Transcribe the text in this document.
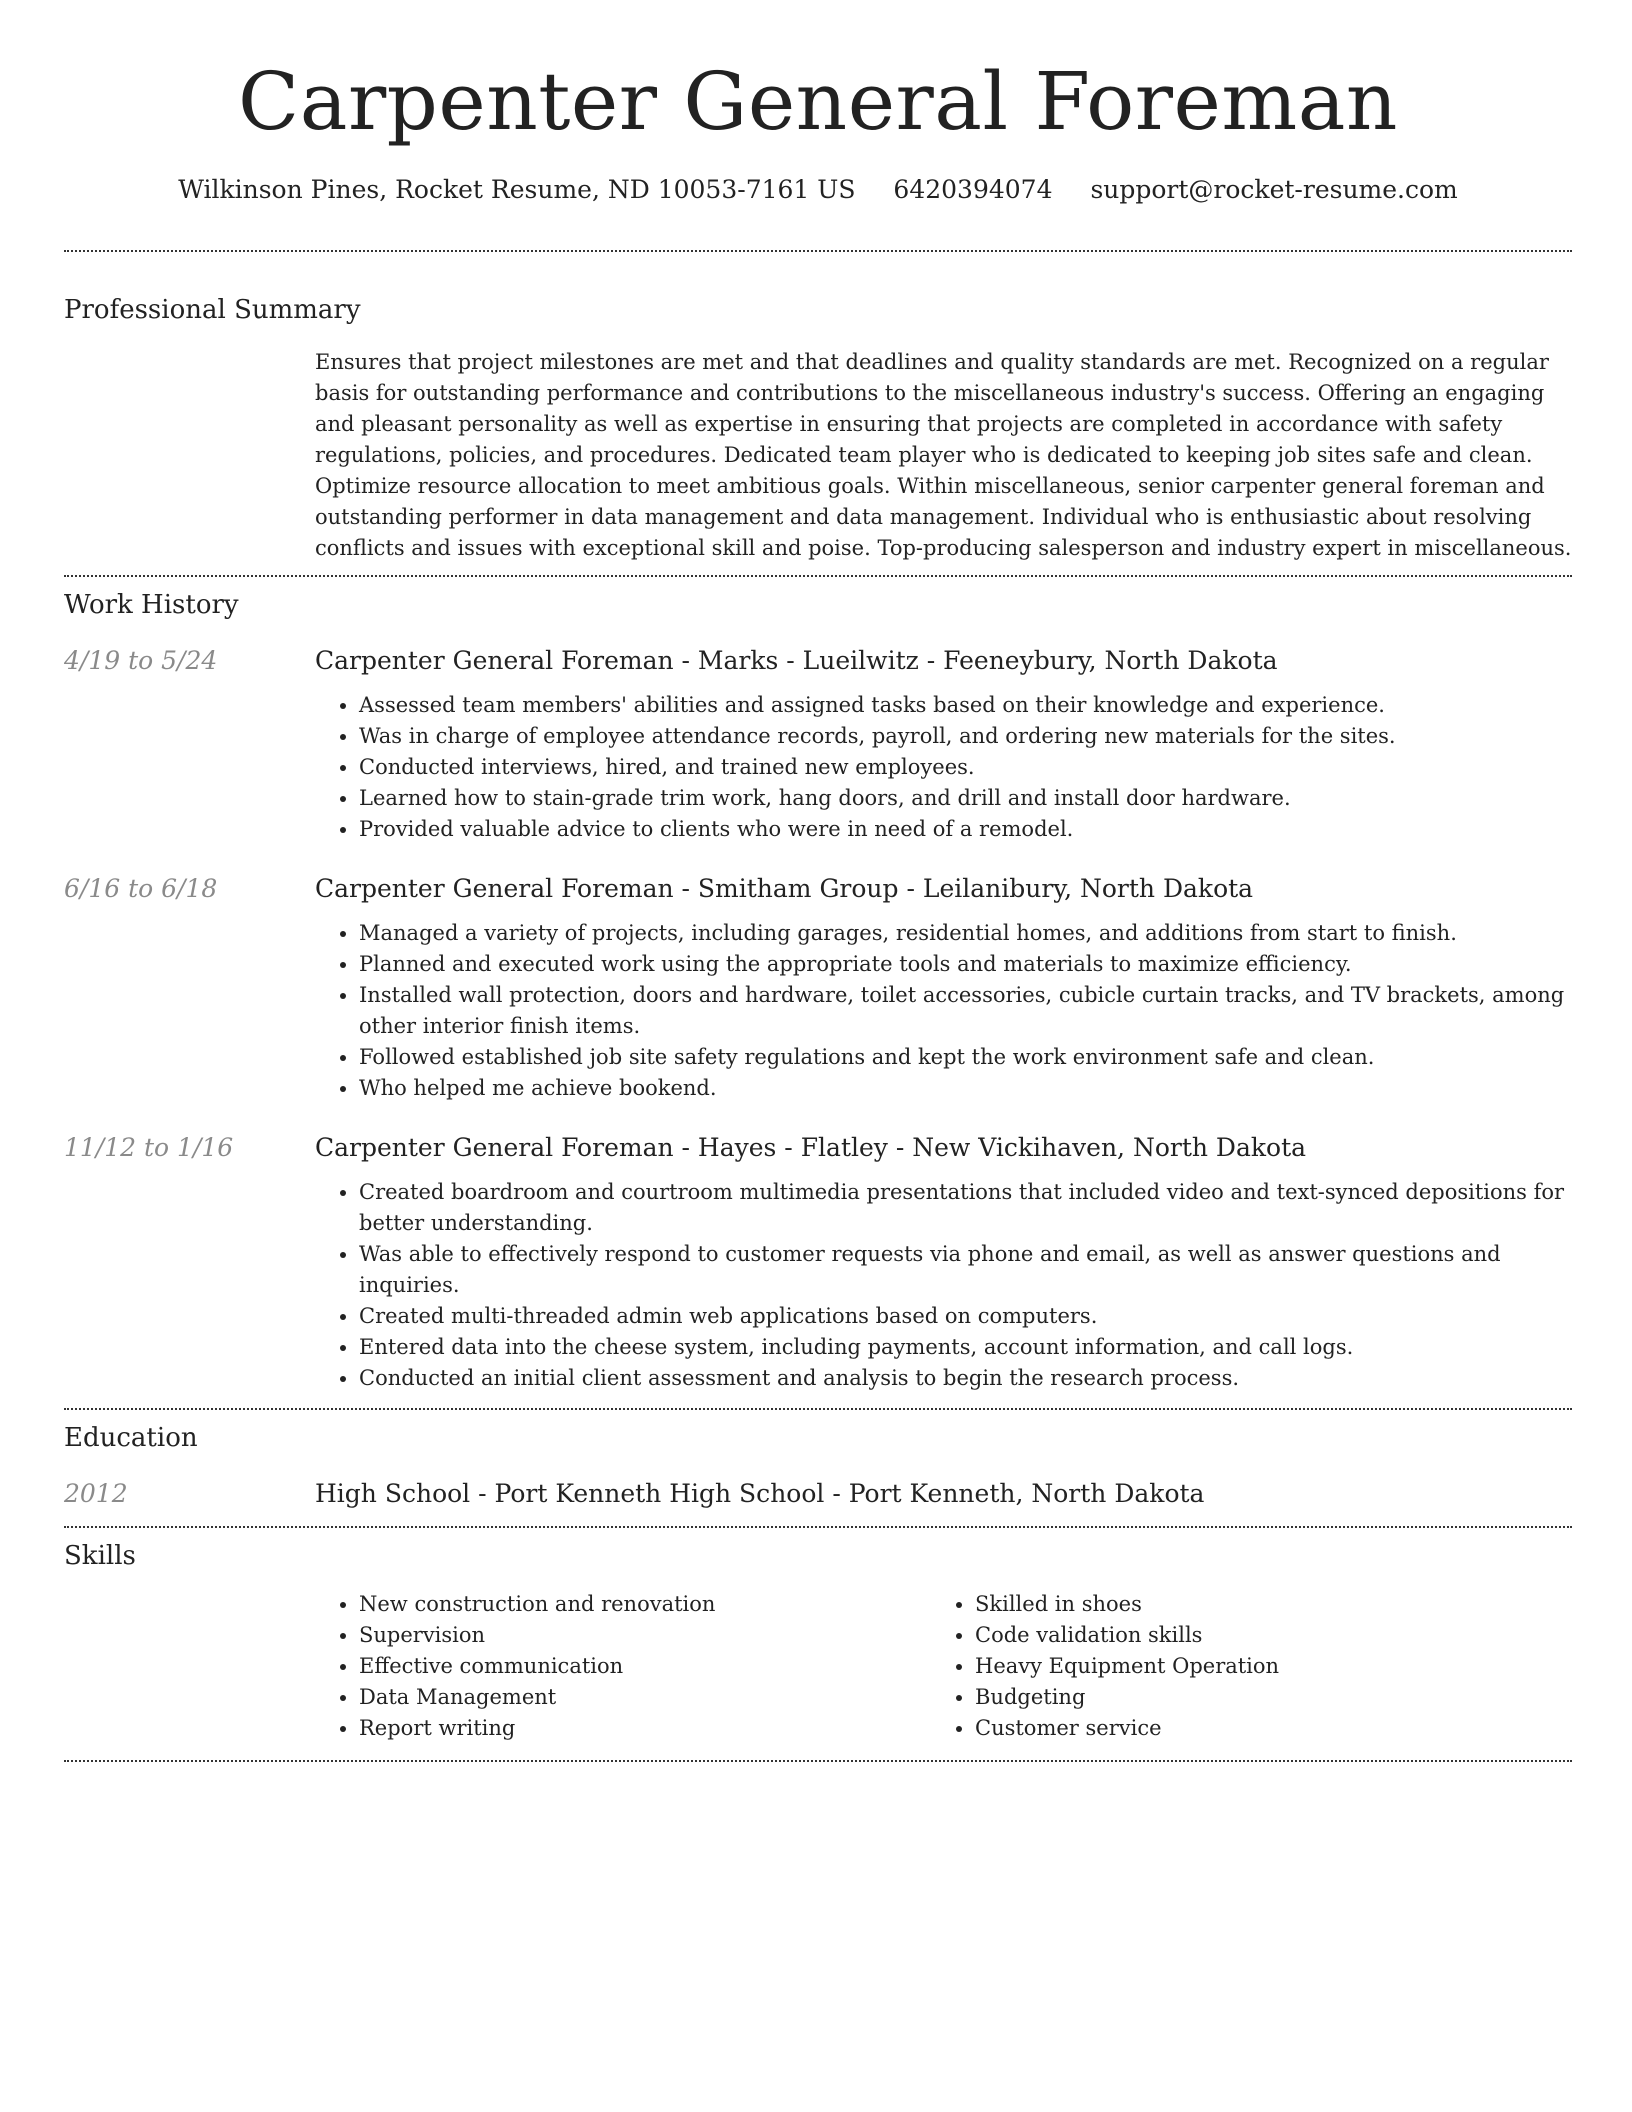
Carpenter General Foreman
Wilkinson Pines, Rocket Resume, ND 10053-7161 US 6420394074 support@rocket-resume.com
Professional Summary
Ensures that project milestones are met and that deadlines and quality standards are met. Recognized on a regular basis for outstanding performance and contributions to the miscellaneous industry's success. Offering an engaging and pleasant personality as well as expertise in ensuring that projects are completed in accordance with safety regulations, policies, and procedures. Dedicated team player who is dedicated to keeping job sites safe and clean. Optimize resource allocation to meet ambitious goals. Within miscellaneous, senior carpenter general foreman and outstanding performer in data management and data management. Individual who is enthusiastic about resolving conflicts and issues with exceptional skill and poise. Top-producing salesperson and industry expert in miscellaneous.
Work History
4/19 to 5/24	Carpenter General Foreman - Marks - Lueilwitz - Feeneybury, North Dakota
• Assessed team members' abilities and assigned tasks based on their knowledge and experience.
• Was in charge of employee attendance records, payroll, and ordering new materials for the sites.
• Conducted interviews, hired, and trained new employees.
• Learned how to stain-grade trim work, hang doors, and drill and install door hardware.
• Provided valuable advice to clients who were in need of a remodel.
6/16 to 6/18	Carpenter General Foreman - Smitham Group - Leilanibury, North Dakota
• Managed a variety of projects, including garages, residential homes, and additions from start to finish.
• Planned and executed work using the appropriate tools and materials to maximize efficiency.
• Installed wall protection, doors and hardware, toilet accessories, cubicle curtain tracks, and TV brackets, among other interior finish items.
• Followed established job site safety regulations and kept the work environment safe and clean.
• Who helped me achieve bookend.
11/12 to 1/16	Carpenter General Foreman - Hayes - Flatley - New Vickihaven, North Dakota
• Created boardroom and courtroom multimedia presentations that included video and text-synced depositions for better understanding.
• Was able to effectively respond to customer requests via phone and email, as well as answer questions and inquiries.
• Created multi-threaded admin web applications based on computers.
• Entered data into the cheese system, including payments, account information, and call logs.
• Conducted an initial client assessment and analysis to begin the research process.
Education
2012	High School - Port Kenneth High School - Port Kenneth, North Dakota
Skills
• New construction and renovation
• Supervision
• Effective communication
• Data Management
• Report writing
• Skilled in shoes
• Code validation skills
• Heavy Equipment Operation
• Budgeting
• Customer service
